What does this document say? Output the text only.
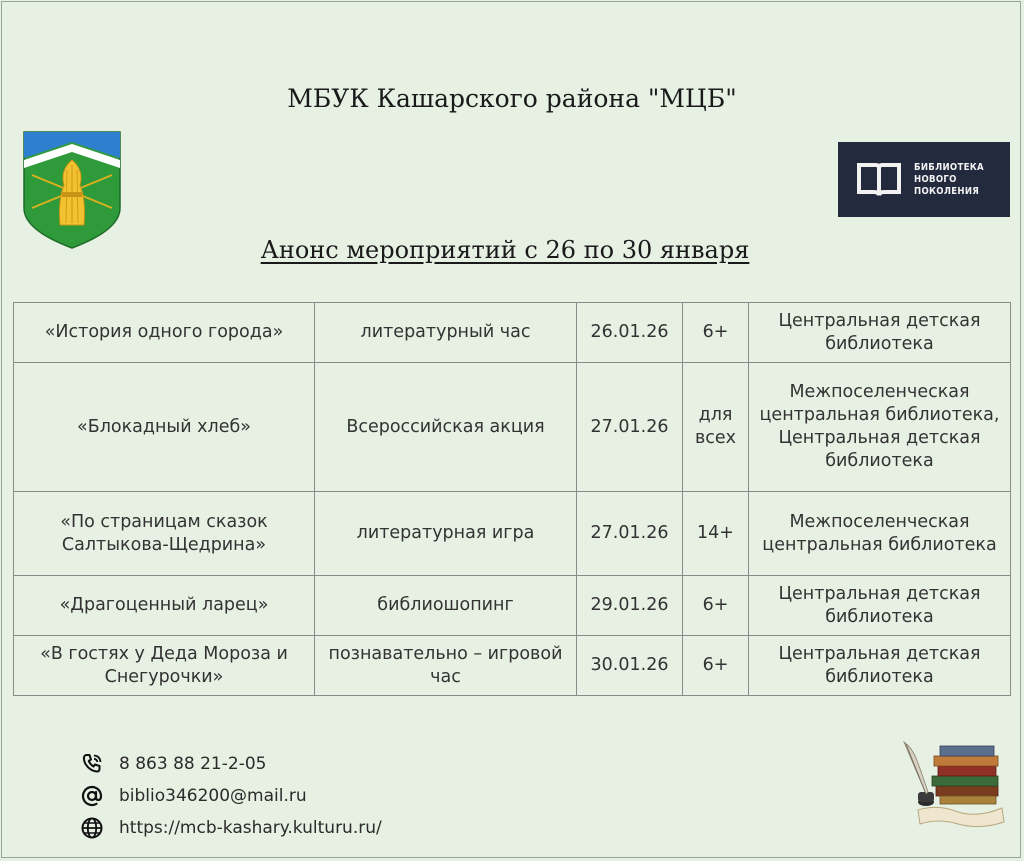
МБУК Кашарского района "МЦБ"
БИБЛИОТЕКА
НОВОГО
ПОКОЛЕНИЯ
Анонс мероприятий с 26 по 30 января
«История одного города»	литературный час	26.01.26	6+	Центральная детская библиотека
«Блокадный хлеб»	Всероссийская акция	27.01.26	для всех	Межпоселенческая центральная библиотека, Центральная детская библиотека
«По страницам сказок Салтыкова-Щедрина»	литературная игра	27.01.26	14+	Межпоселенческая центральная библиотека
«Драгоценный ларец»	библиошопинг	29.01.26	6+	Центральная детская библиотека
«В гостях у Деда Мороза и Снегурочки»	познавательно – игровой час	30.01.26	6+	Центральная детская библиотека
8 863 88 21-2-05
biblio346200@mail.ru
https://mcb-kashary.kulturu.ru/
